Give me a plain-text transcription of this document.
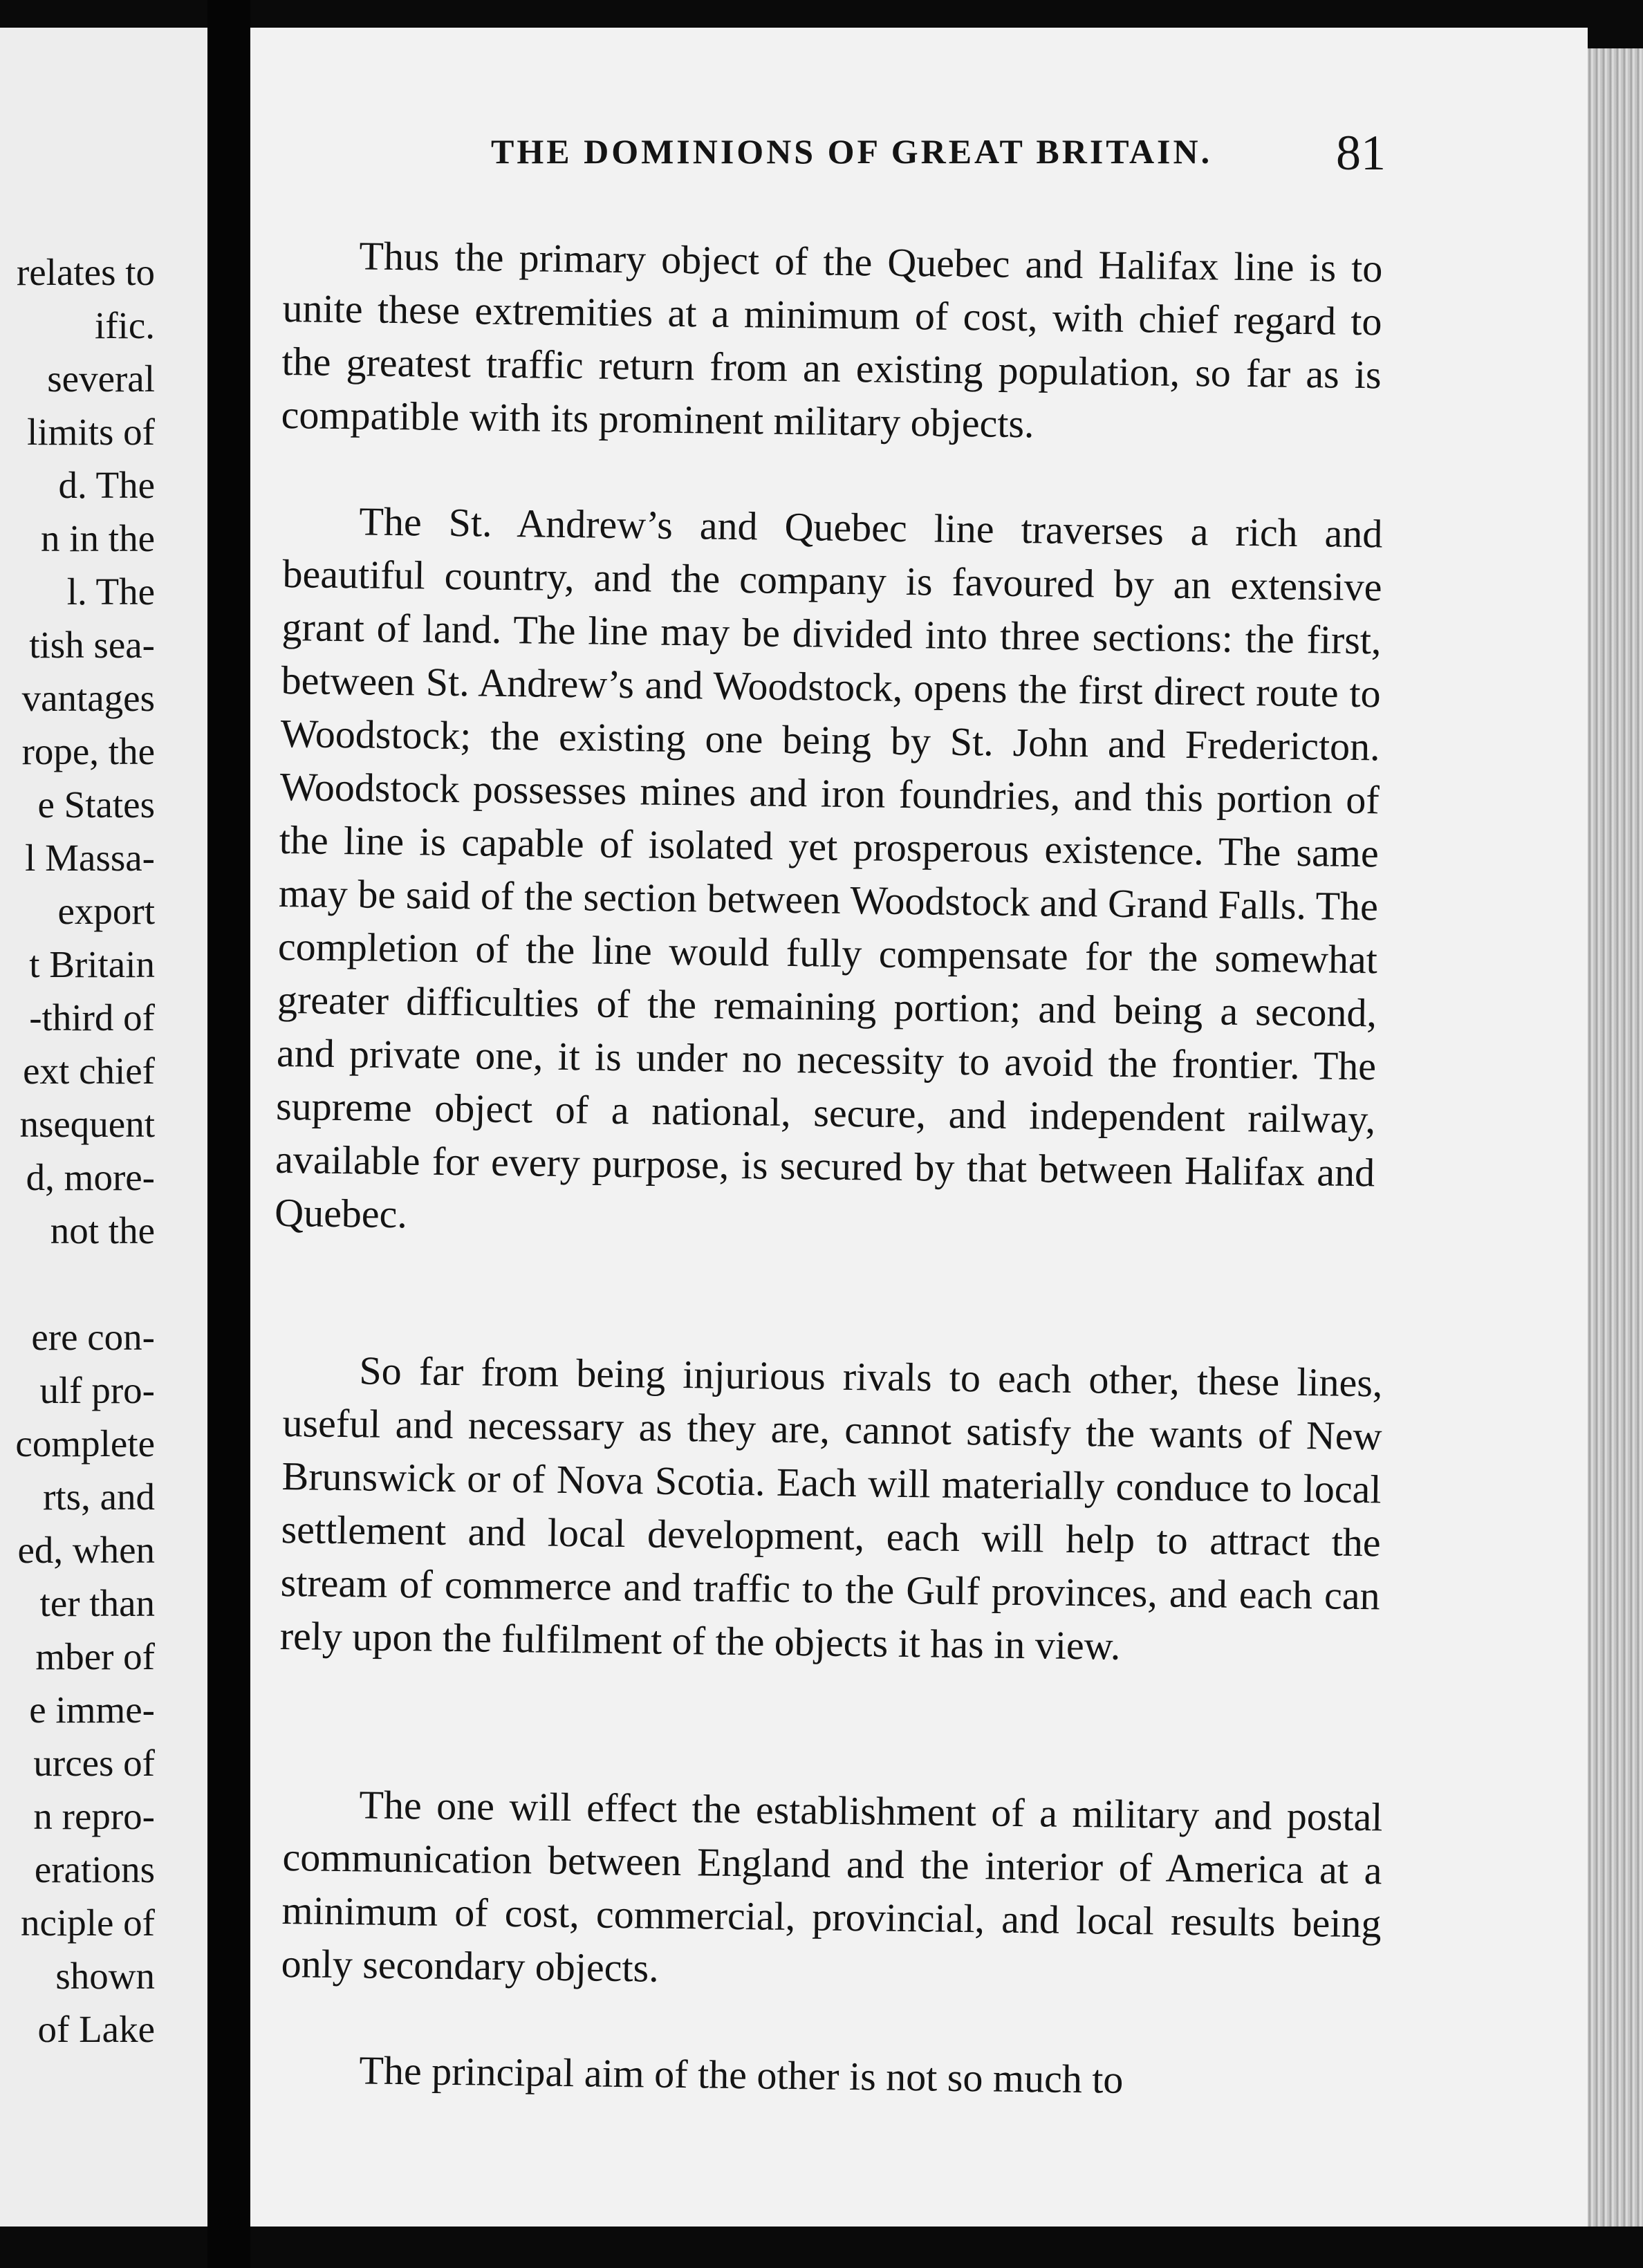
relates to

ific.

several

limits of

d. The

n in the

l. The

tish sea-

vantages

rope, the

e States

l Massa-

export

t Britain

-third of

ext chief

nsequent

d, more-

not the

ere con-

ulf pro-

complete

rts, and

ed, when

ter than

mber of

e imme-

urces of

n repro-

erations

nciple of

shown

of Lake

THE DOMINIONS OF GREAT BRITAIN. 81

Thus the primary object of the Quebec and Halifax line is to unite these extremities at a minimum of cost, with chief regard to the greatest traffic return from an existing population, so far as is compatible with its prominent military objects.

The St. Andrew’s and Quebec line traverses a rich and beautiful country, and the company is favoured by an extensive grant of land. The line may be divided into three sections: the first, between St. Andrew’s and Woodstock, opens the first direct route to Woodstock; the existing one being by St. John and Fredericton. Woodstock possesses mines and iron foundries, and this portion of the line is capable of isolated yet prosperous existence. The same may be said of the section between Woodstock and Grand Falls. The completion of the line would fully compensate for the somewhat greater difficulties of the remaining portion; and being a second, and private one, it is under no necessity to avoid the frontier. The supreme object of a national, secure, and independent railway, available for every purpose, is secured by that between Halifax and Quebec.

So far from being injurious rivals to each other, these lines, useful and necessary as they are, cannot satisfy the wants of New Brunswick or of Nova Scotia. Each will materially conduce to local settlement and local development, each will help to attract the stream of commerce and traffic to the Gulf provinces, and each can rely upon the fulfilment of the objects it has in view.

The one will effect the establishment of a military and postal communication between England and the interior of America at a minimum of cost, commercial, provincial, and local results being only secondary objects.

The principal aim of the other is not so much to
